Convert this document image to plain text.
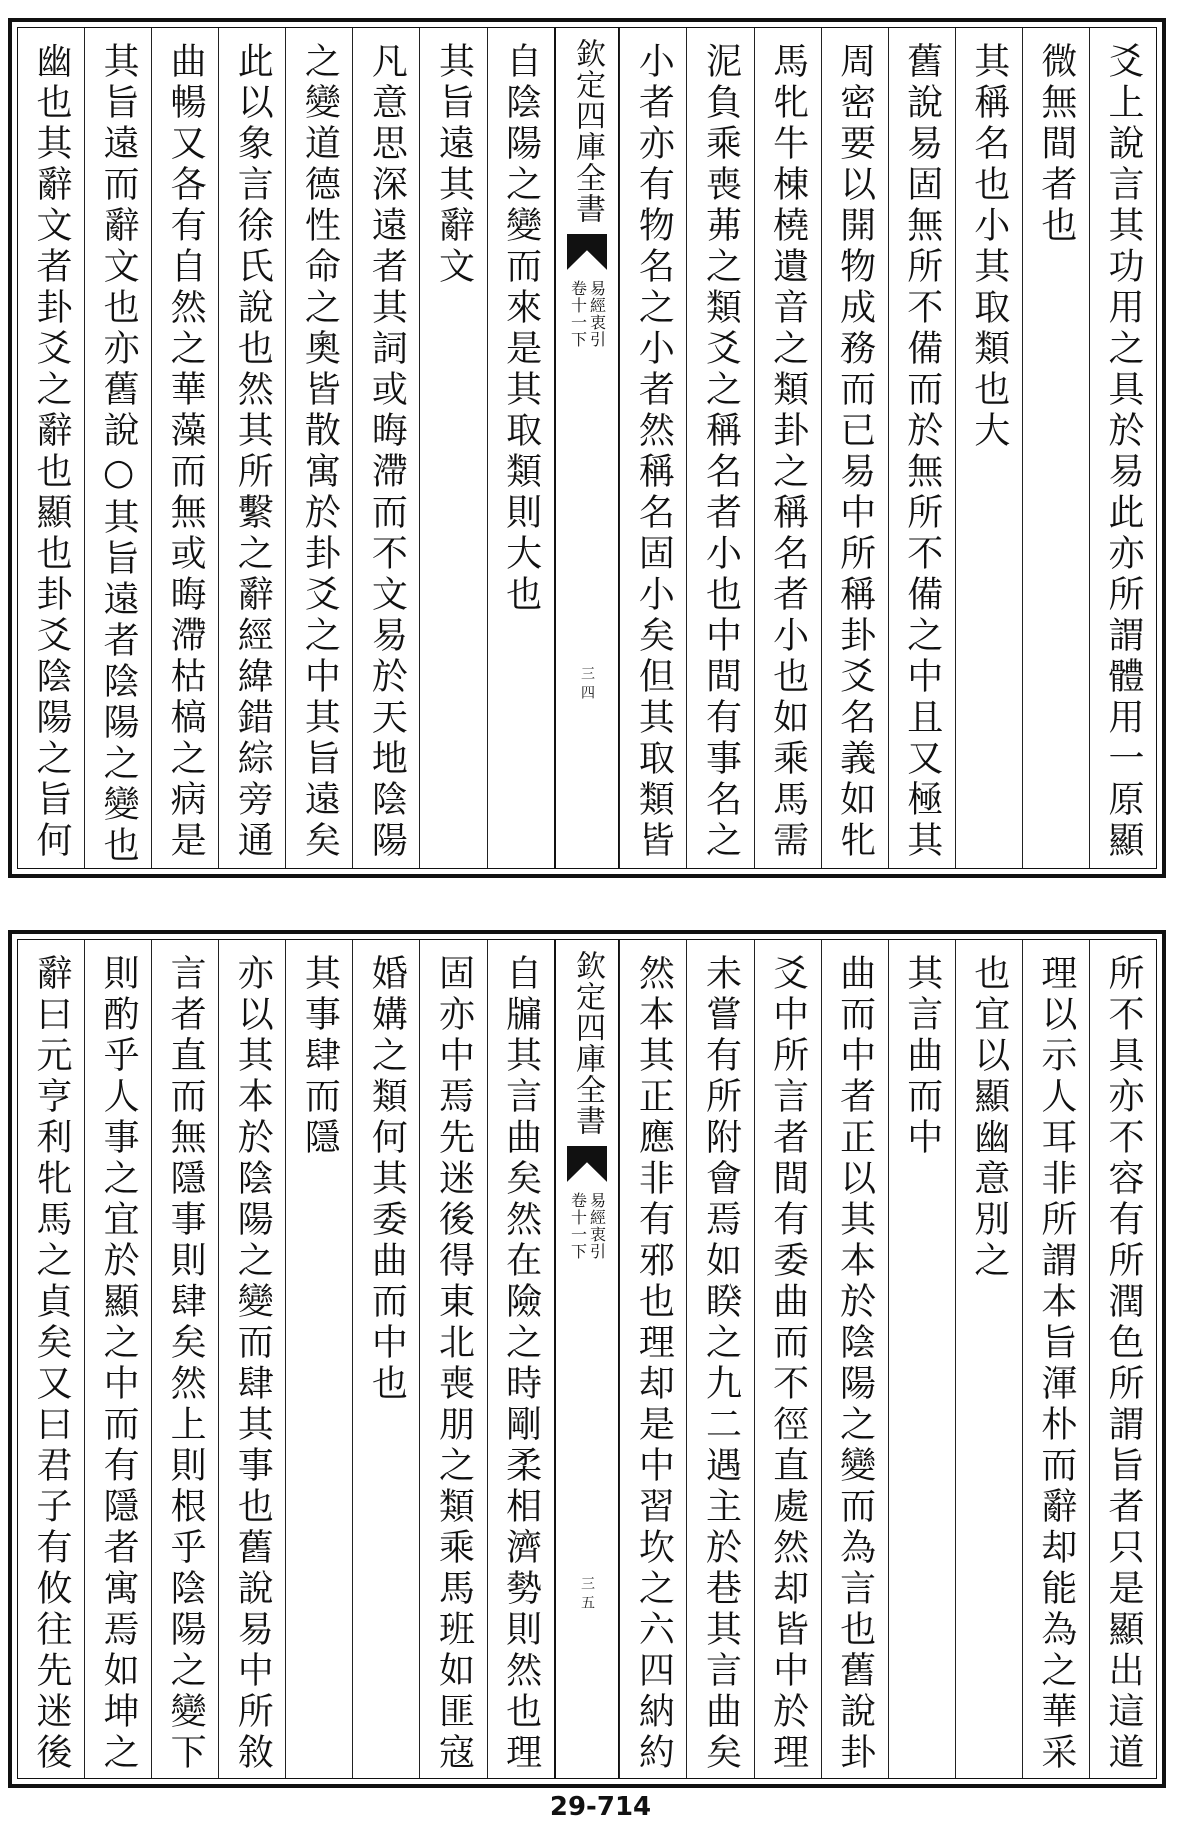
爻上說言其功用之具於易此亦所謂體用一原顯
微無間者也
其稱名也小其取類也大
舊說易固無所不備而於無所不備之中且又極其
周密要以開物成務而已易中所稱卦爻名義如牝
馬牝牛棟橈遺音之類卦之稱名者小也如乘馬需
泥負乘喪茀之類爻之稱名者小也中間有事名之
小者亦有物名之小者然稱名固小矣但其取類皆
欽定四庫全書
易經衷引
卷十一下
三四
自陰陽之變而來是其取類則大也
其旨遠其辭文
凡意思深遠者其詞或晦滯而不文易於天地陰陽
之變道德性命之奧皆散寓於卦爻之中其旨遠矣
此以象言徐氏說也然其所繫之辭經緯錯綜旁通
曲暢又各有自然之華藻而無或晦滯枯槁之病是
其旨遠而辭文也亦舊說○其旨遠者陰陽之變也
幽也其辭文者卦爻之辭也顯也卦爻陰陽之旨何
所不具亦不容有所潤色所謂旨者只是顯出這道
理以示人耳非所謂本旨渾朴而辭却能為之華采
也宜以顯幽意別之
其言曲而中
曲而中者正以其本於陰陽之變而為言也舊說卦
爻中所言者間有委曲而不徑直處然却皆中於理
未嘗有所附會焉如睽之九二遇主於巷其言曲矣
然本其正應非有邪也理却是中習坎之六四納約
欽定四庫全書
易經衷引
卷十一下
三五
自牖其言曲矣然在險之時剛柔相濟勢則然也理
固亦中焉先迷後得東北喪朋之類乘馬班如匪寇
婚媾之類何其委曲而中也
其事肆而隱
亦以其本於陰陽之變而肆其事也舊說易中所敘
言者直而無隱事則肆矣然上則根乎陰陽之變下
則酌乎人事之宜於顯之中而有隱者寓焉如坤之
辭曰元亨利牝馬之貞矣又曰君子有攸往先迷後
29-714
